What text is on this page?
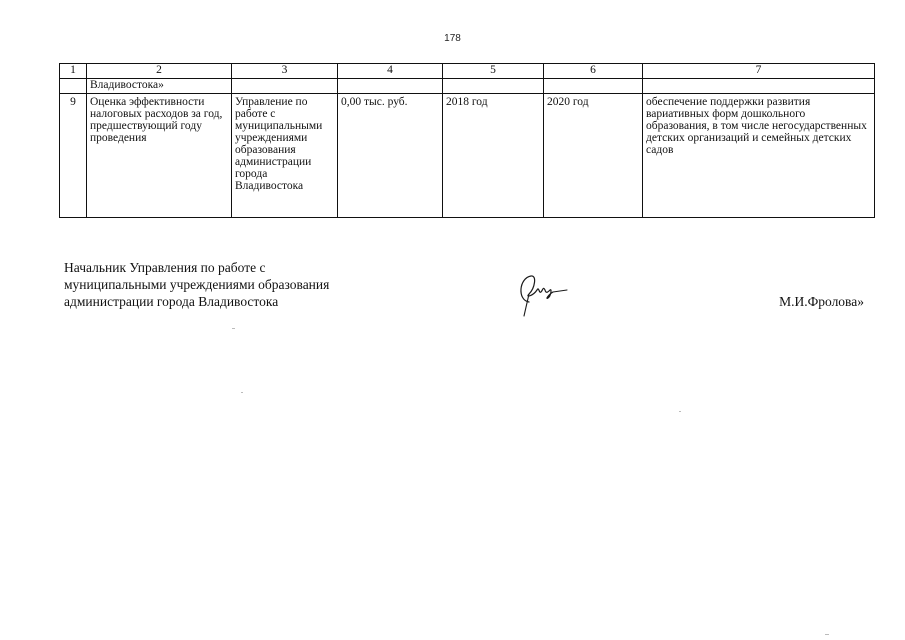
178
1	2	3	4	5	6	7
	Владивостока»					
9	Оценка эффективности налоговых расходов за год, предшествующий году проведения	Управление по работе с муниципальными учреждениями образования администрации города Владивостока	0,00 тыс. руб.	2018 год	2020 год	обеспечение поддержки развития вариативных форм дошкольного образования, в том числе негосударственных детских организаций и семейных детских садов
Начальник Управления по работе с
муниципальными учреждениями образования
администрации города Владивостока	М.И.Фролова»
